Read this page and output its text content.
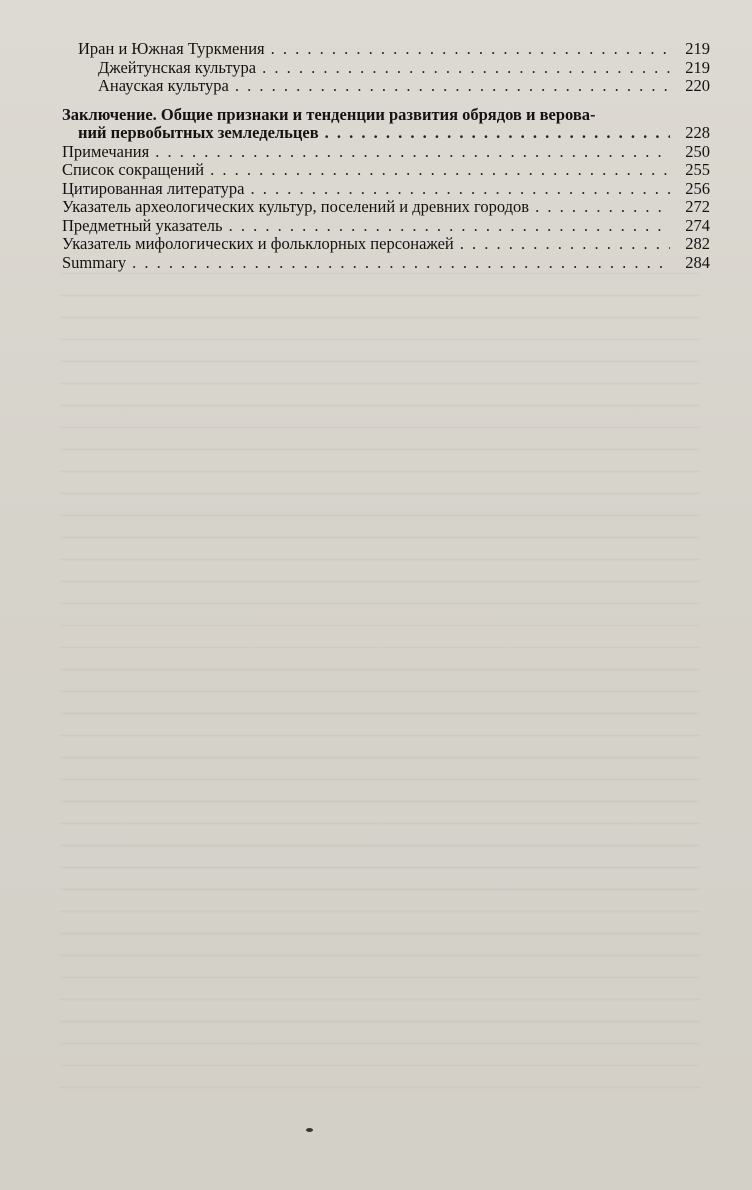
Иран и Южная Туркмения . . .	219
Джейтунская культура . . .	219
Анауская культура . . .	220
Заключение. Общие признаки и тенденции развития обрядов и верова-
ний первобытных земледельцев . . .	228
Примечания . . .	250
Список сокращений . . .	255
Цитированная литература . . .	256
Указатель археологических культур, поселений и древних городов . . .	272
Предметный указатель . . .	274
Указатель мифологических и фольклорных персонажей . . .	282
Summary . . .	284
